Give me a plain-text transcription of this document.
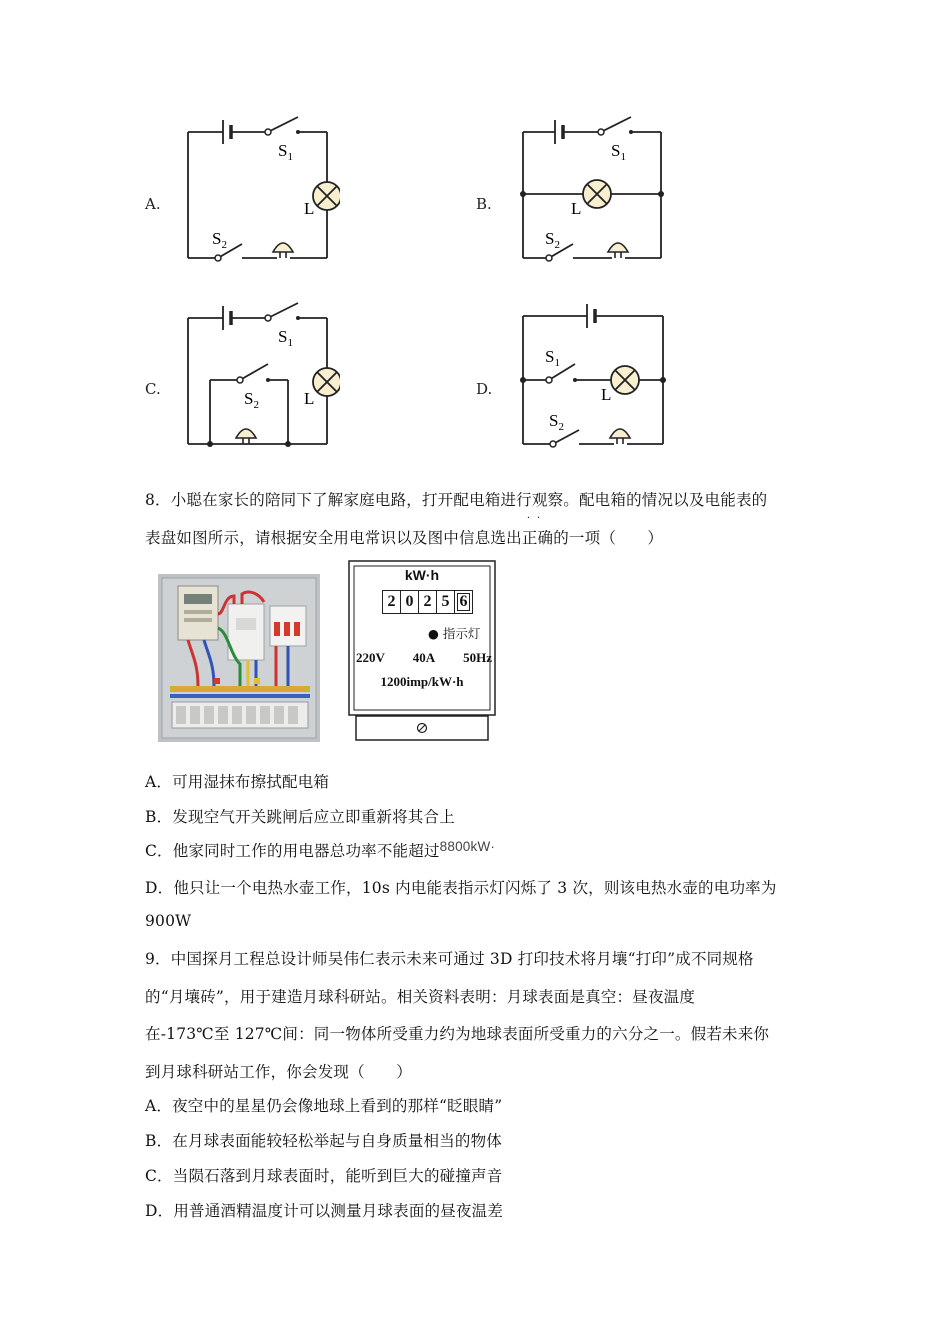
A.
$S_1$
L
$S_2$
B.
$S_1$
L
$S_2$
C.
$S_1$
L
$S_2$
D.
$S_1$
L
$S_2$
8．小聪在家长的陪同下了解家庭电路，打开配电箱进行观察。配电箱的情况以及电能表的
表盘如图所示，请根据安全用电常识以及图中信息选出
··
正确的一项（　　）
kW·h
2 0 2 5 6
● 指示灯
220V 40A 50Hz
1200imp/kW·h
A．可用湿抹布擦拭配电箱
B．发现空气开关跳闸后应立即重新将其合上
C．他家同时工作的用电器总功率不能超过8800kW·
D．他只让一个电热水壶工作，10s 内电能表指示灯闪烁了 3 次，则该电热水壶的电功率为
900W
9．中国探月工程总设计师吴伟仁表示未来可通过 3D 打印技术将月壤“打印”成不同规格
的“月壤砖”，用于建造月球科研站。相关资料表明：月球表面是真空：昼夜温度
在-173℃至 127℃间：同一物体所受重力约为地球表面所受重力的六分之一。假若未来你
到月球科研站工作，你会发现（　　）
A．夜空中的星星仍会像地球上看到的那样“眨眼睛”
B．在月球表面能较轻松举起与自身质量相当的物体
C．当陨石落到月球表面时，能听到巨大的碰撞声音
D．用普通酒精温度计可以测量月球表面的昼夜温差
